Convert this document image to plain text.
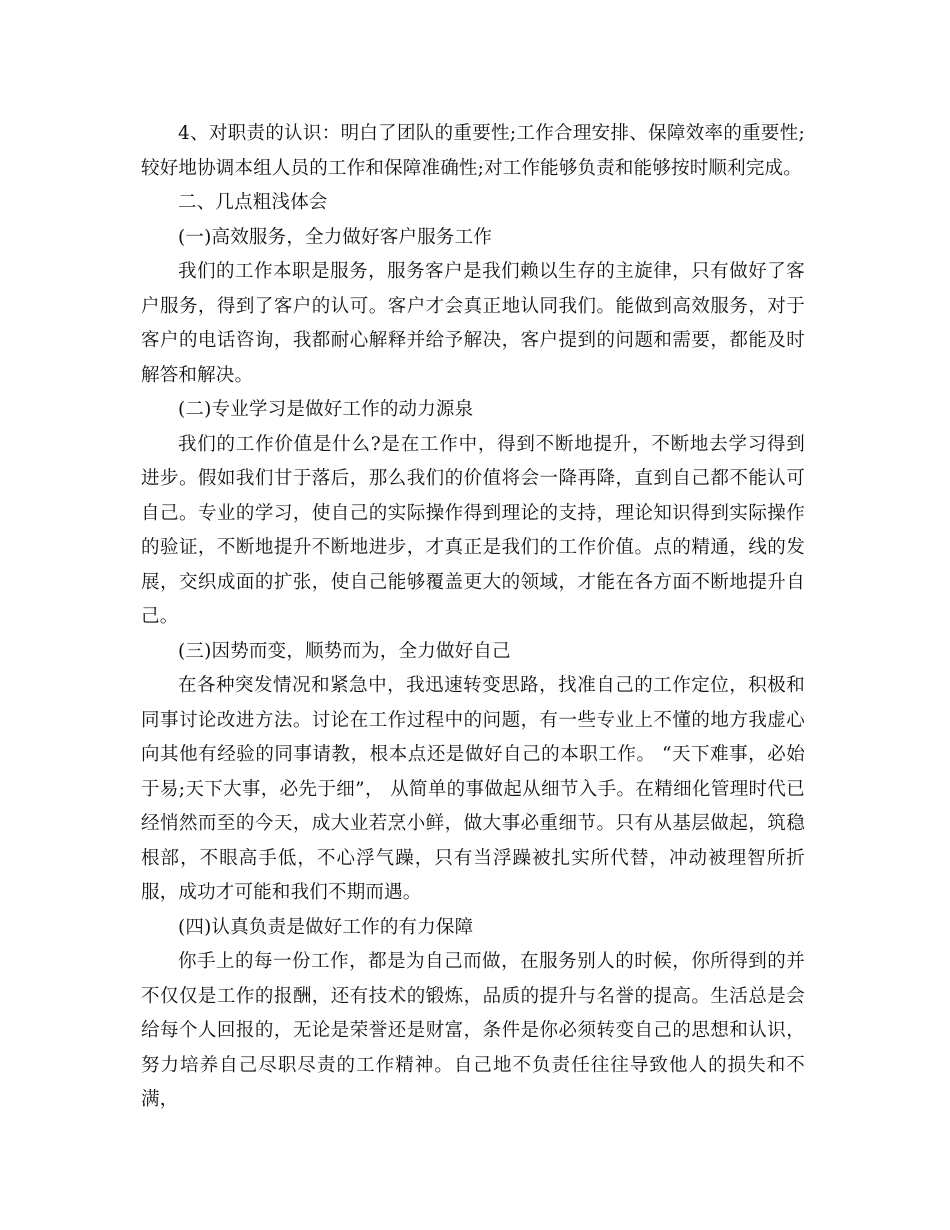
4、对职责的认识：明白了团队的重要性;工作合理安排、保障效率的重要性;较好地协调本组人员的工作和保障准确性;对工作能够负责和能够按时顺利完成。

二、几点粗浅体会

(一)高效服务，全力做好客户服务工作

我们的工作本职是服务，服务客户是我们赖以生存的主旋律，只有做好了客户服务，得到了客户的认可。客户才会真正地认同我们。能做到高效服务，对于客户的电话咨询，我都耐心解释并给予解决，客户提到的问题和需要，都能及时解答和解决。

(二)专业学习是做好工作的动力源泉

我们的工作价值是什么?是在工作中，得到不断地提升，不断地去学习得到进步。假如我们甘于落后，那么我们的价值将会一降再降，直到自己都不能认可自己。专业的学习，使自己的实际操作得到理论的支持，理论知识得到实际操作的验证，不断地提升不断地进步，才真正是我们的工作价值。点的精通，线的发展，交织成面的扩张，使自己能够覆盖更大的领域，才能在各方面不断地提升自己。

(三)因势而变，顺势而为，全力做好自己

在各种突发情况和紧急中，我迅速转变思路，找准自己的工作定位，积极和同事讨论改进方法。讨论在工作过程中的问题，有一些专业上不懂的地方我虚心向其他有经验的同事请教，根本点还是做好自己的本职工作。 “天下难事，必始于易;天下大事，必先于细”， 从简单的事做起从细节入手。在精细化管理时代已经悄然而至的今天，成大业若烹小鲜，做大事必重细节。只有从基层做起，筑稳根部，不眼高手低，不心浮气躁，只有当浮躁被扎实所代替，冲动被理智所折服，成功才可能和我们不期而遇。

(四)认真负责是做好工作的有力保障

你手上的每一份工作，都是为自己而做，在服务别人的时候，你所得到的并不仅仅是工作的报酬，还有技术的锻炼，品质的提升与名誉的提高。生活总是会给每个人回报的，无论是荣誉还是财富，条件是你必须转变自己的思想和认识，努力培养自己尽职尽责的工作精神。自己地不负责任往往导致他人的损失和不满，
